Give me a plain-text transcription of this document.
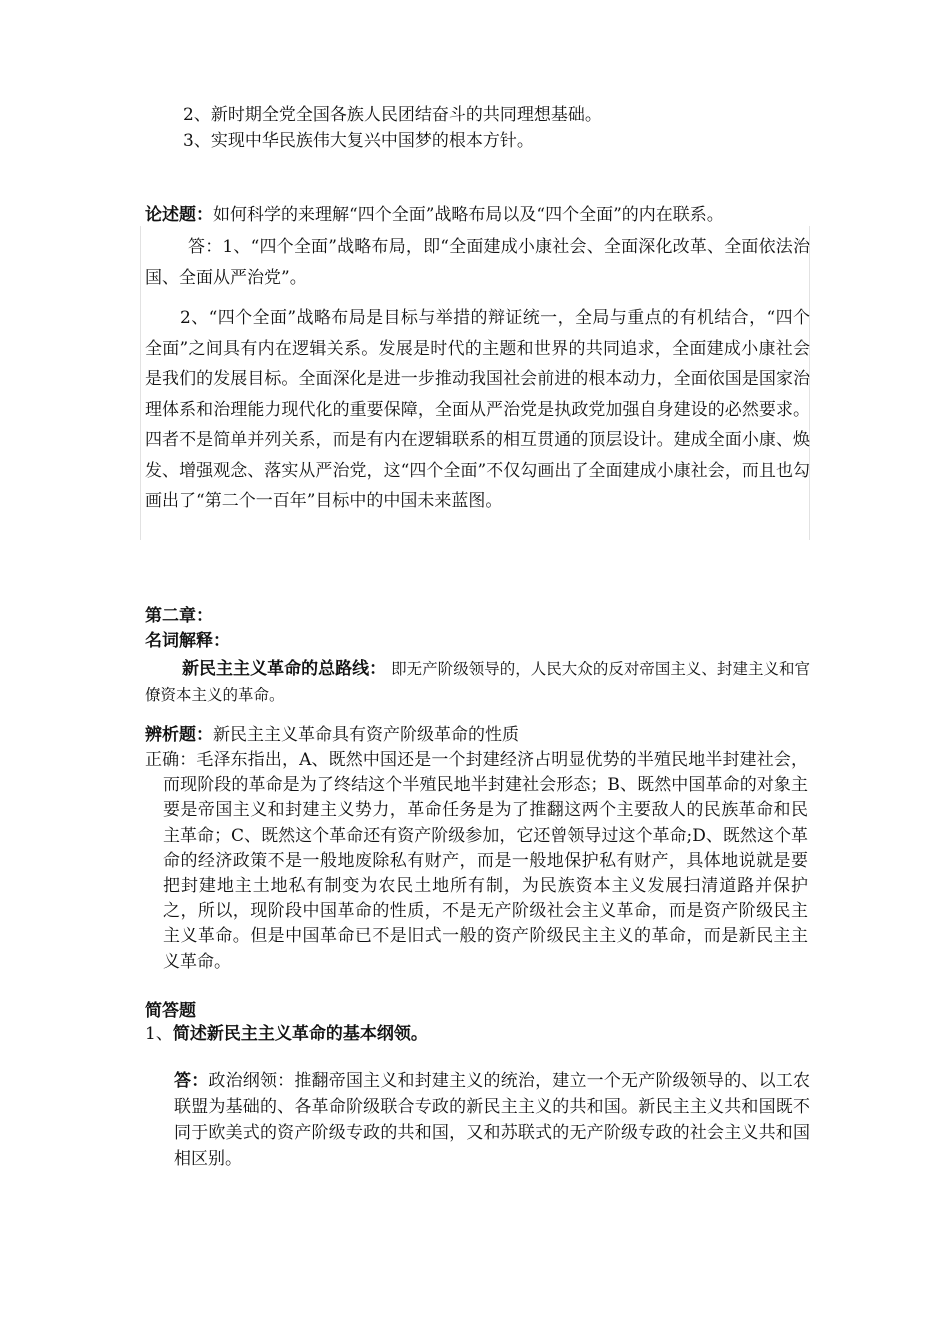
2、新时期全党全国各族人民团结奋斗的共同理想基础。
3、实现中华民族伟大复兴中国梦的根本方针。
论述题：如何科学的来理解“四个全面”战略布局以及“四个全面”的内在联系。
答：1、“四个全面”战略布局，即“全面建成小康社会、全面深化改革、全面依法治国、全面从严治党”。
2、“四个全面”战略布局是目标与举措的辩证统一，全局与重点的有机结合，“四个全面”之间具有内在逻辑关系。发展是时代的主题和世界的共同追求，全面建成小康社会是我们的发展目标。全面深化是进一步推动我国社会前进的根本动力，全面依国是国家治理体系和治理能力现代化的重要保障，全面从严治党是执政党加强自身建设的必然要求。四者不是简单并列关系，而是有内在逻辑联系的相互贯通的顶层设计。建成全面小康、焕发、增强观念、落实从严治党，这“四个全面”不仅勾画出了全面建成小康社会，而且也勾画出了“第二个一百年”目标中的中国未来蓝图。
第二章：
名词解释：
新民主主义革命的总路线： 即无产阶级领导的，人民大众的反对帝国主义、封建主义和官僚资本主义的革命。
辨析题：新民主主义革命具有资产阶级革命的性质
正确：毛泽东指出，A、既然中国还是一个封建经济占明显优势的半殖民地半封建社会，而现阶段的革命是为了终结这个半殖民地半封建社会形态；B、既然中国革命的对象主要是帝国主义和封建主义势力，革命任务是为了推翻这两个主要敌人的民族革命和民主革命；C、既然这个革命还有资产阶级参加，它还曾领导过这个革命;D、既然这个革命的经济政策不是一般地废除私有财产，而是一般地保护私有财产，具体地说就是要把封建地主土地私有制变为农民土地所有制，为民族资本主义发展扫清道路并保护之，所以，现阶段中国革命的性质，不是无产阶级社会主义革命，而是资产阶级民主主义革命。但是中国革命已不是旧式一般的资产阶级民主主义的革命，而是新民主主义革命。
简答题
1、简述新民主主义革命的基本纲领。
答：政治纲领：推翻帝国主义和封建主义的统治，建立一个无产阶级领导的、以工农联盟为基础的、各革命阶级联合专政的新民主主义的共和国。新民主主义共和国既不同于欧美式的资产阶级专政的共和国，又和苏联式的无产阶级专政的社会主义共和国相区别。
